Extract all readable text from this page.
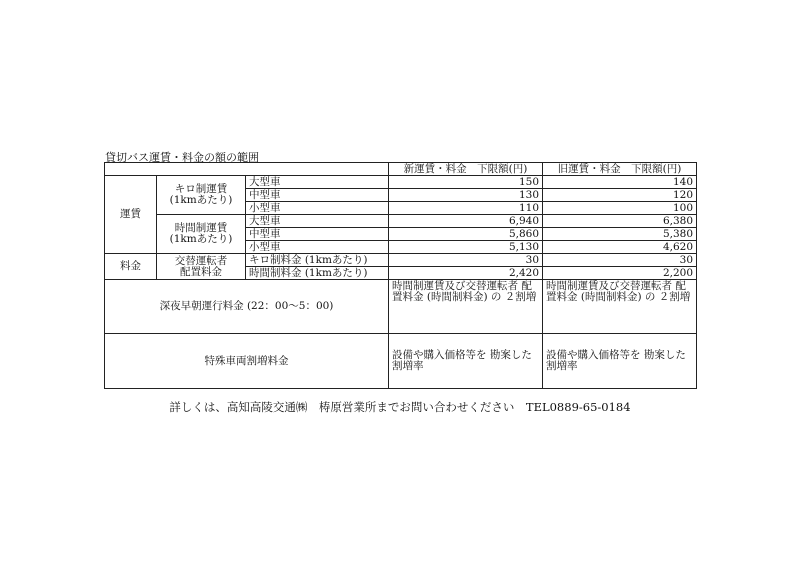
貸切バス運賃・料金の額の範囲
			新運賃・料金　下限額(円)	旧運賃・料金　下限額(円)
運賃	キロ制運賃
(1kmあたり)	大型車	150	140
		中型車	130	120
		小型車	110	100
	時間制運賃
(1kmあたり)	大型車	6,940	6,380
		中型車	5,860	5,380
		小型車	5,130	4,620
料金	交替運転者
配置料金	キロ制料金 (1kmあたり)	30	30
		時間制料金 (1kmあたり)	2,420	2,200
深夜早朝運行料金 (22：00～5：00)			時間制運賃及び交替運転者 配置料金 (時間制料金) の ２割増	時間制運賃及び交替運転者 配置料金 (時間制料金) の ２割増
特殊車両割増料金			設備や購入価格等を 勘案した割増率	設備や購入価格等を 勘案した割増率
詳しくは、高知高陵交通㈱　梼原営業所までお問い合わせください　TEL0889-65-0184
